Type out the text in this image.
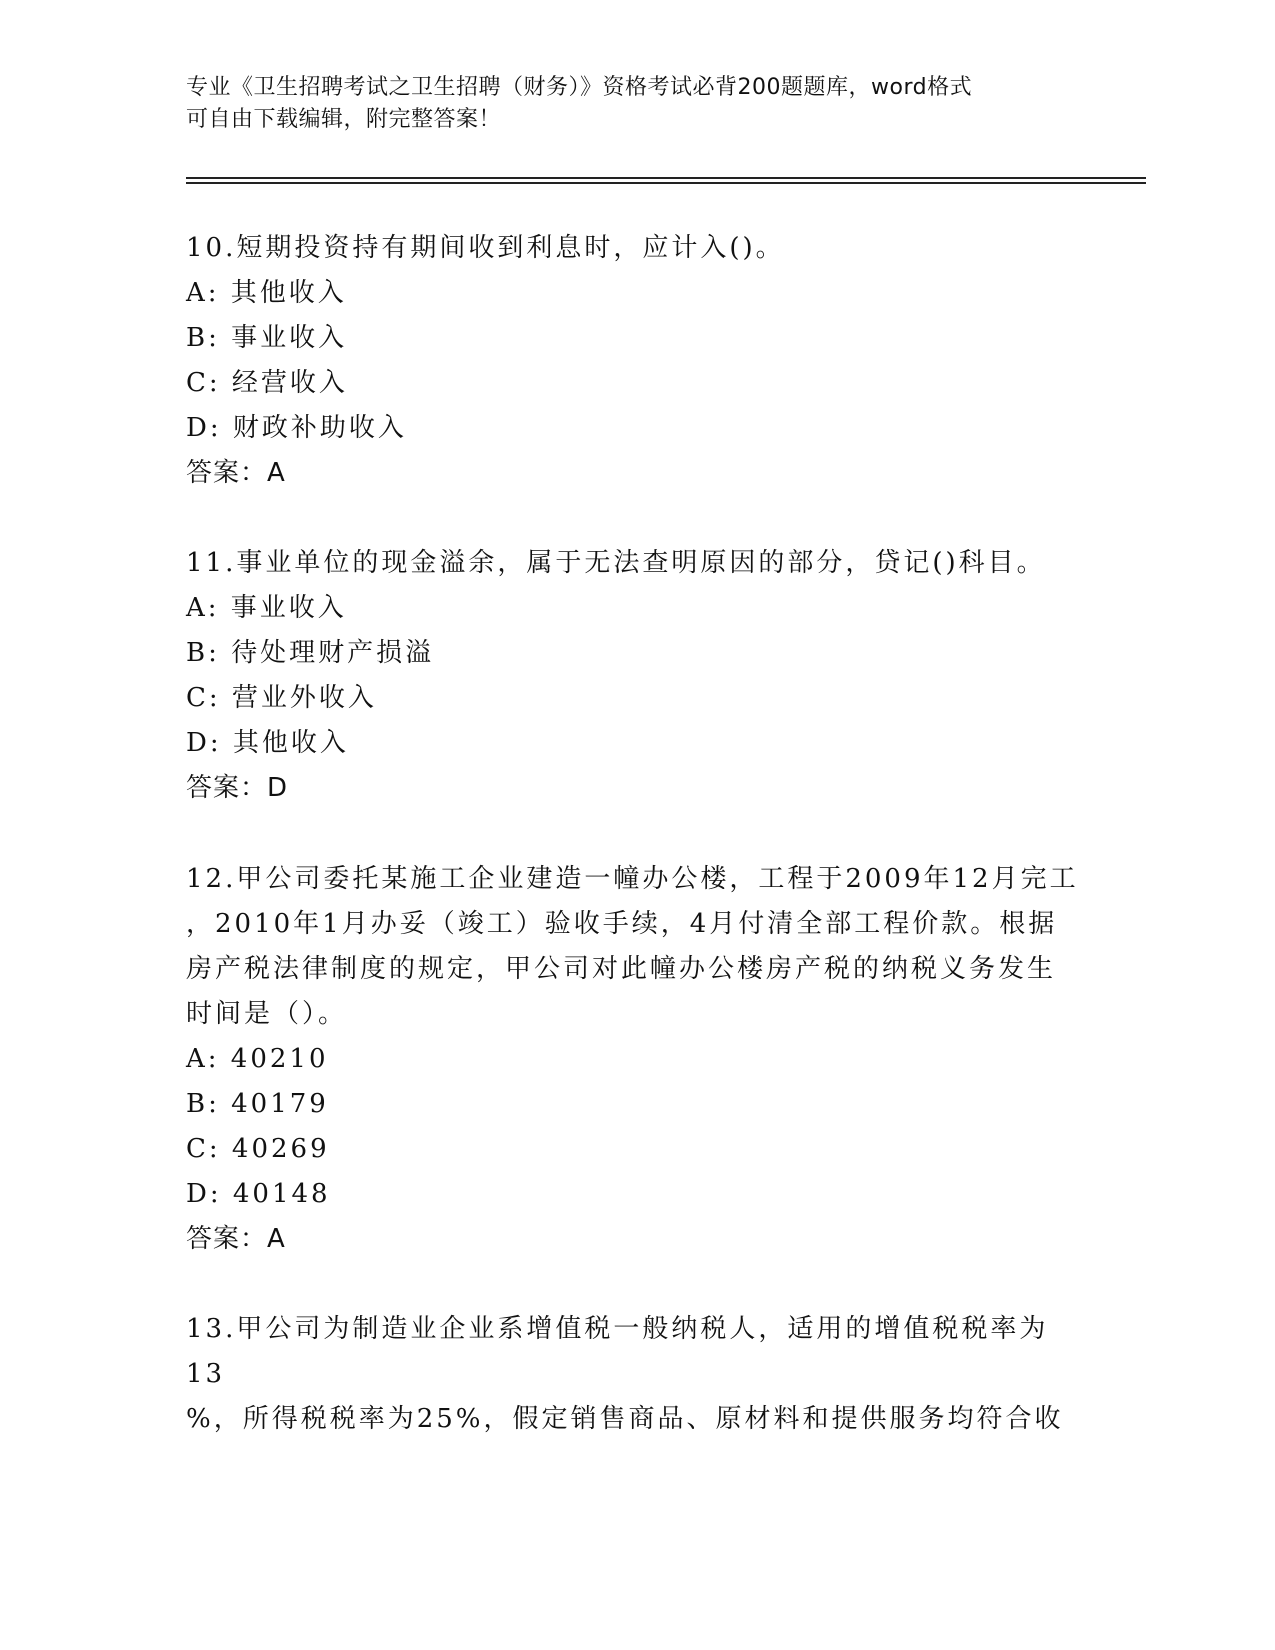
专业《卫生招聘考试之卫生招聘（财务）》资格考试必背200题题库，word格式
可自由下载编辑，附完整答案！
10.短期投资持有期间收到利息时，应计入()。
A: 其他收入
B: 事业收入
C: 经营收入
D: 财政补助收入
答案：A
11.事业单位的现金溢余，属于无法查明原因的部分，贷记()科目。
A: 事业收入
B: 待处理财产损溢
C: 营业外收入
D: 其他收入
答案：D
12.甲公司委托某施工企业建造一幢办公楼，工程于2009年12月完工
，2010年1月办妥（竣工）验收手续，4月付清全部工程价款。根据
房产税法律制度的规定，甲公司对此幢办公楼房产税的纳税义务发生
时间是（）。
A: 40210
B: 40179
C: 40269
D: 40148
答案：A
13.甲公司为制造业企业系增值税一般纳税人，适用的增值税税率为13
%，所得税税率为25%，假定销售商品、原材料和提供服务均符合收
